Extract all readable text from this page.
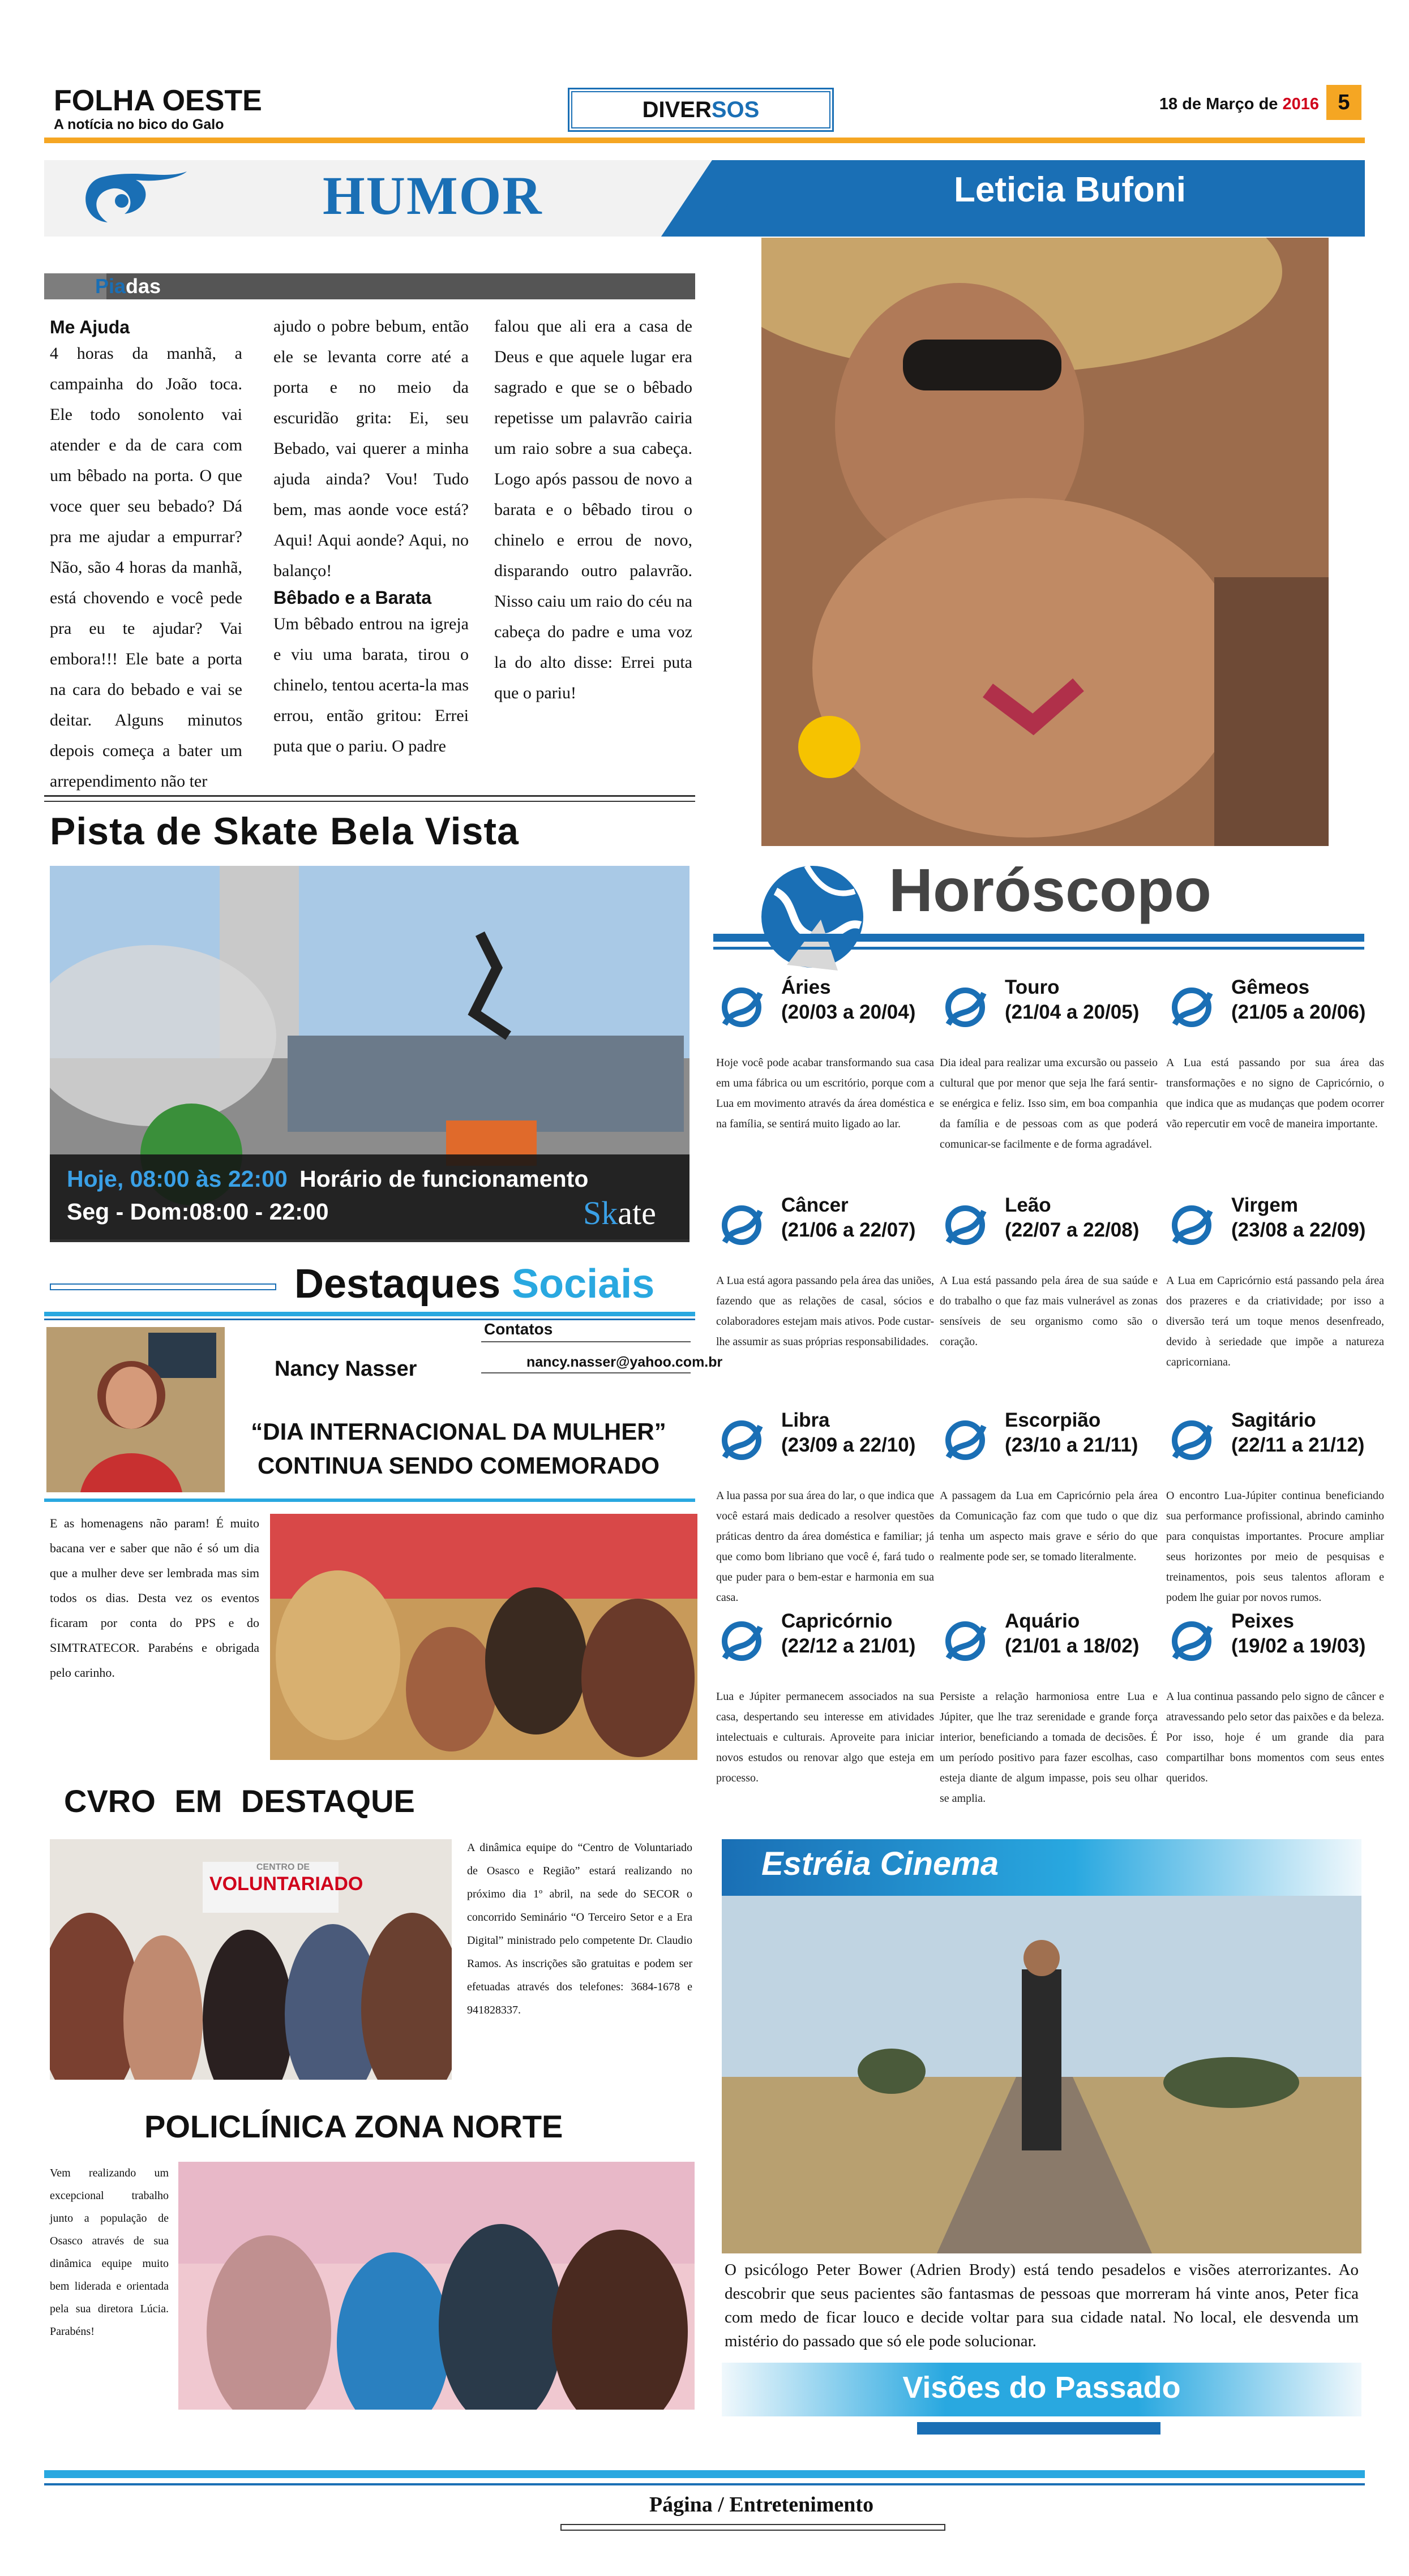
FOLHA OESTE
A notícia no bico do Galo
DIVERSOS	18 de Março de 2016 5
HUMOR	Leticia Bufoni
Piadas
Me Ajuda
4 horas da manhã, a campainha do João toca. Ele todo sonolento vai atender e da de cara com um bêbado na porta. O que voce quer seu bebado? Dá pra me ajudar a empurrar? Não, são 4 horas da manhã, está chovendo e você pede pra eu te ajudar? Vai embora!!! Ele bate a porta na cara do bebado e vai se deitar. Alguns minutos depois começa a bater um arrependimento não ter
ajudo o pobre bebum, então ele se levanta corre até a porta e no meio da escuridão grita: Ei, seu Bebado, vai querer a minha ajuda ainda? Vou! Tudo bem, mas aonde voce está? Aqui! Aqui aonde? Aqui, no balanço!
Bêbado e a Barata
Um bêbado entrou na igreja e viu uma barata, tirou o chinelo, tentou acerta-la mas errou, então gritou: Errei puta que o pariu. O padre
falou que ali era a casa de Deus e que aquele lugar era sagrado e que se o bêbado repetisse um palavrão cairia um raio sobre a sua cabeça. Logo após passou de novo a barata e o bêbado tirou o chinelo e errou de novo, disparando outro palavrão. Nisso caiu um raio do céu na cabeça do padre e uma voz la do alto disse: Errei puta que o pariu!
Pista de Skate Bela Vista
Hoje, 08:00 às 22:00 Horário de funcionamento
Seg - Dom:08:00 - 22:00	Skate
Horóscopo
Áries
(20/03 a 20/04)
Hoje você pode acabar transformando sua casa em uma fábrica ou um escritório, porque com a Lua em movimento através da área doméstica e na família, se sentirá muito ligado ao lar.
Touro
(21/04 a 20/05)
Dia ideal para realizar uma excursão ou passeio cultural que por menor que seja lhe fará sentir-se enérgica e feliz. Isso sim, em boa companhia da família e de pessoas com as que poderá comunicar-se facilmente e de forma agradável.
Gêmeos
(21/05 a 20/06)
A Lua está passando por sua área das transformações e no signo de Capricórnio, o que indica que as mudanças que podem ocorrer vão repercutir em você de maneira importante.
Câncer
(21/06 a 22/07)
A Lua está agora passando pela área das uniões, fazendo que as relações de casal, sócios e colaboradores estejam mais ativos. Pode custar-lhe assumir as suas próprias responsabilidades.
Leão
(22/07 a 22/08)
A Lua está passando pela área de sua saúde e do trabalho o que faz mais vulnerável as zonas sensíveis de seu organismo como são o coração.
Virgem
(23/08 a 22/09)
A Lua em Capricórnio está passando pela área dos prazeres e da criatividade; por isso a diversão terá um toque menos desenfreado, devido à seriedade que impõe a natureza capricorniana.
Libra
(23/09 a 22/10)
A lua passa por sua área do lar, o que indica que você estará mais dedicado a resolver questões práticas dentro da área doméstica e familiar; já que como bom libriano que você é, fará tudo o que puder para o bem-estar e harmonia em sua casa.
Escorpião
(23/10 a 21/11)
A passagem da Lua em Capricórnio pela área da Comunicação faz com que tudo o que diz tenha um aspecto mais grave e sério do que realmente pode ser, se tomado literalmente.
Sagitário
(22/11 a 21/12)
O encontro Lua-Júpiter continua beneficiando sua performance profissional, abrindo caminho para conquistas importantes. Procure ampliar seus horizontes por meio de pesquisas e treinamentos, pois seus talentos afloram e podem lhe guiar por novos rumos.
Capricórnio
(22/12 a 21/01)
Lua e Júpiter permanecem associados na sua casa, despertando seu interesse em atividades intelectuais e culturais. Aproveite para iniciar novos estudos ou renovar algo que esteja em processo.
Aquário
(21/01 a 18/02)
Persiste a relação harmoniosa entre Lua e Júpiter, que lhe traz serenidade e grande força interior, beneficiando a tomada de decisões. É um período positivo para fazer escolhas, caso esteja diante de algum impasse, pois seu olhar se amplia.
Peixes
(19/02 a 19/03)
A lua continua passando pelo signo de câncer e atravessando pelo setor das paixões e da beleza. Por isso, hoje é um grande dia para compartilhar bons momentos com seus entes queridos.
Destaques Sociais
Nancy Nasser
Contatos
nancy.nasser@yahoo.com.br
“DIA INTERNACIONAL DA MULHER”
CONTINUA SENDO COMEMORADO
E as homenagens não param! É muito bacana ver e saber que não é só um dia que a mulher deve ser lembrada mas sim todos os dias. Desta vez os eventos ficaram por conta do PPS e do SIMTRATECOR. Parabéns e obrigada pelo carinho.
CVRO EM DESTAQUE
CENTRO DE
VOLUNTARIADO
A dinâmica equipe do “Centro de Voluntariado de Osasco e Região” estará realizando no próximo dia 1º abril, na sede do SECOR o concorrido Seminário “O Terceiro Setor e a Era Digital” ministrado pelo competente Dr. Claudio Ramos. As inscrições são gratuitas e podem ser efetuadas através dos telefones: 3684-1678 e 941828337.
POLICLÍNICA ZONA NORTE
Vem realizando um excepcional trabalho junto a população de Osasco através de sua dinâmica equipe muito bem liderada e orientada pela sua diretora Lúcia. Parabéns!
Estréia Cinema
O psicólogo Peter Bower (Adrien Brody) está tendo pesadelos e visões aterrorizantes. Ao descobrir que seus pacientes são fantasmas de pessoas que morreram há vinte anos, Peter fica com medo de ficar louco e decide voltar para sua cidade natal. No local, ele desvenda um mistério do passado que só ele pode solucionar.
Visões do Passado
Página / Entretenimento
